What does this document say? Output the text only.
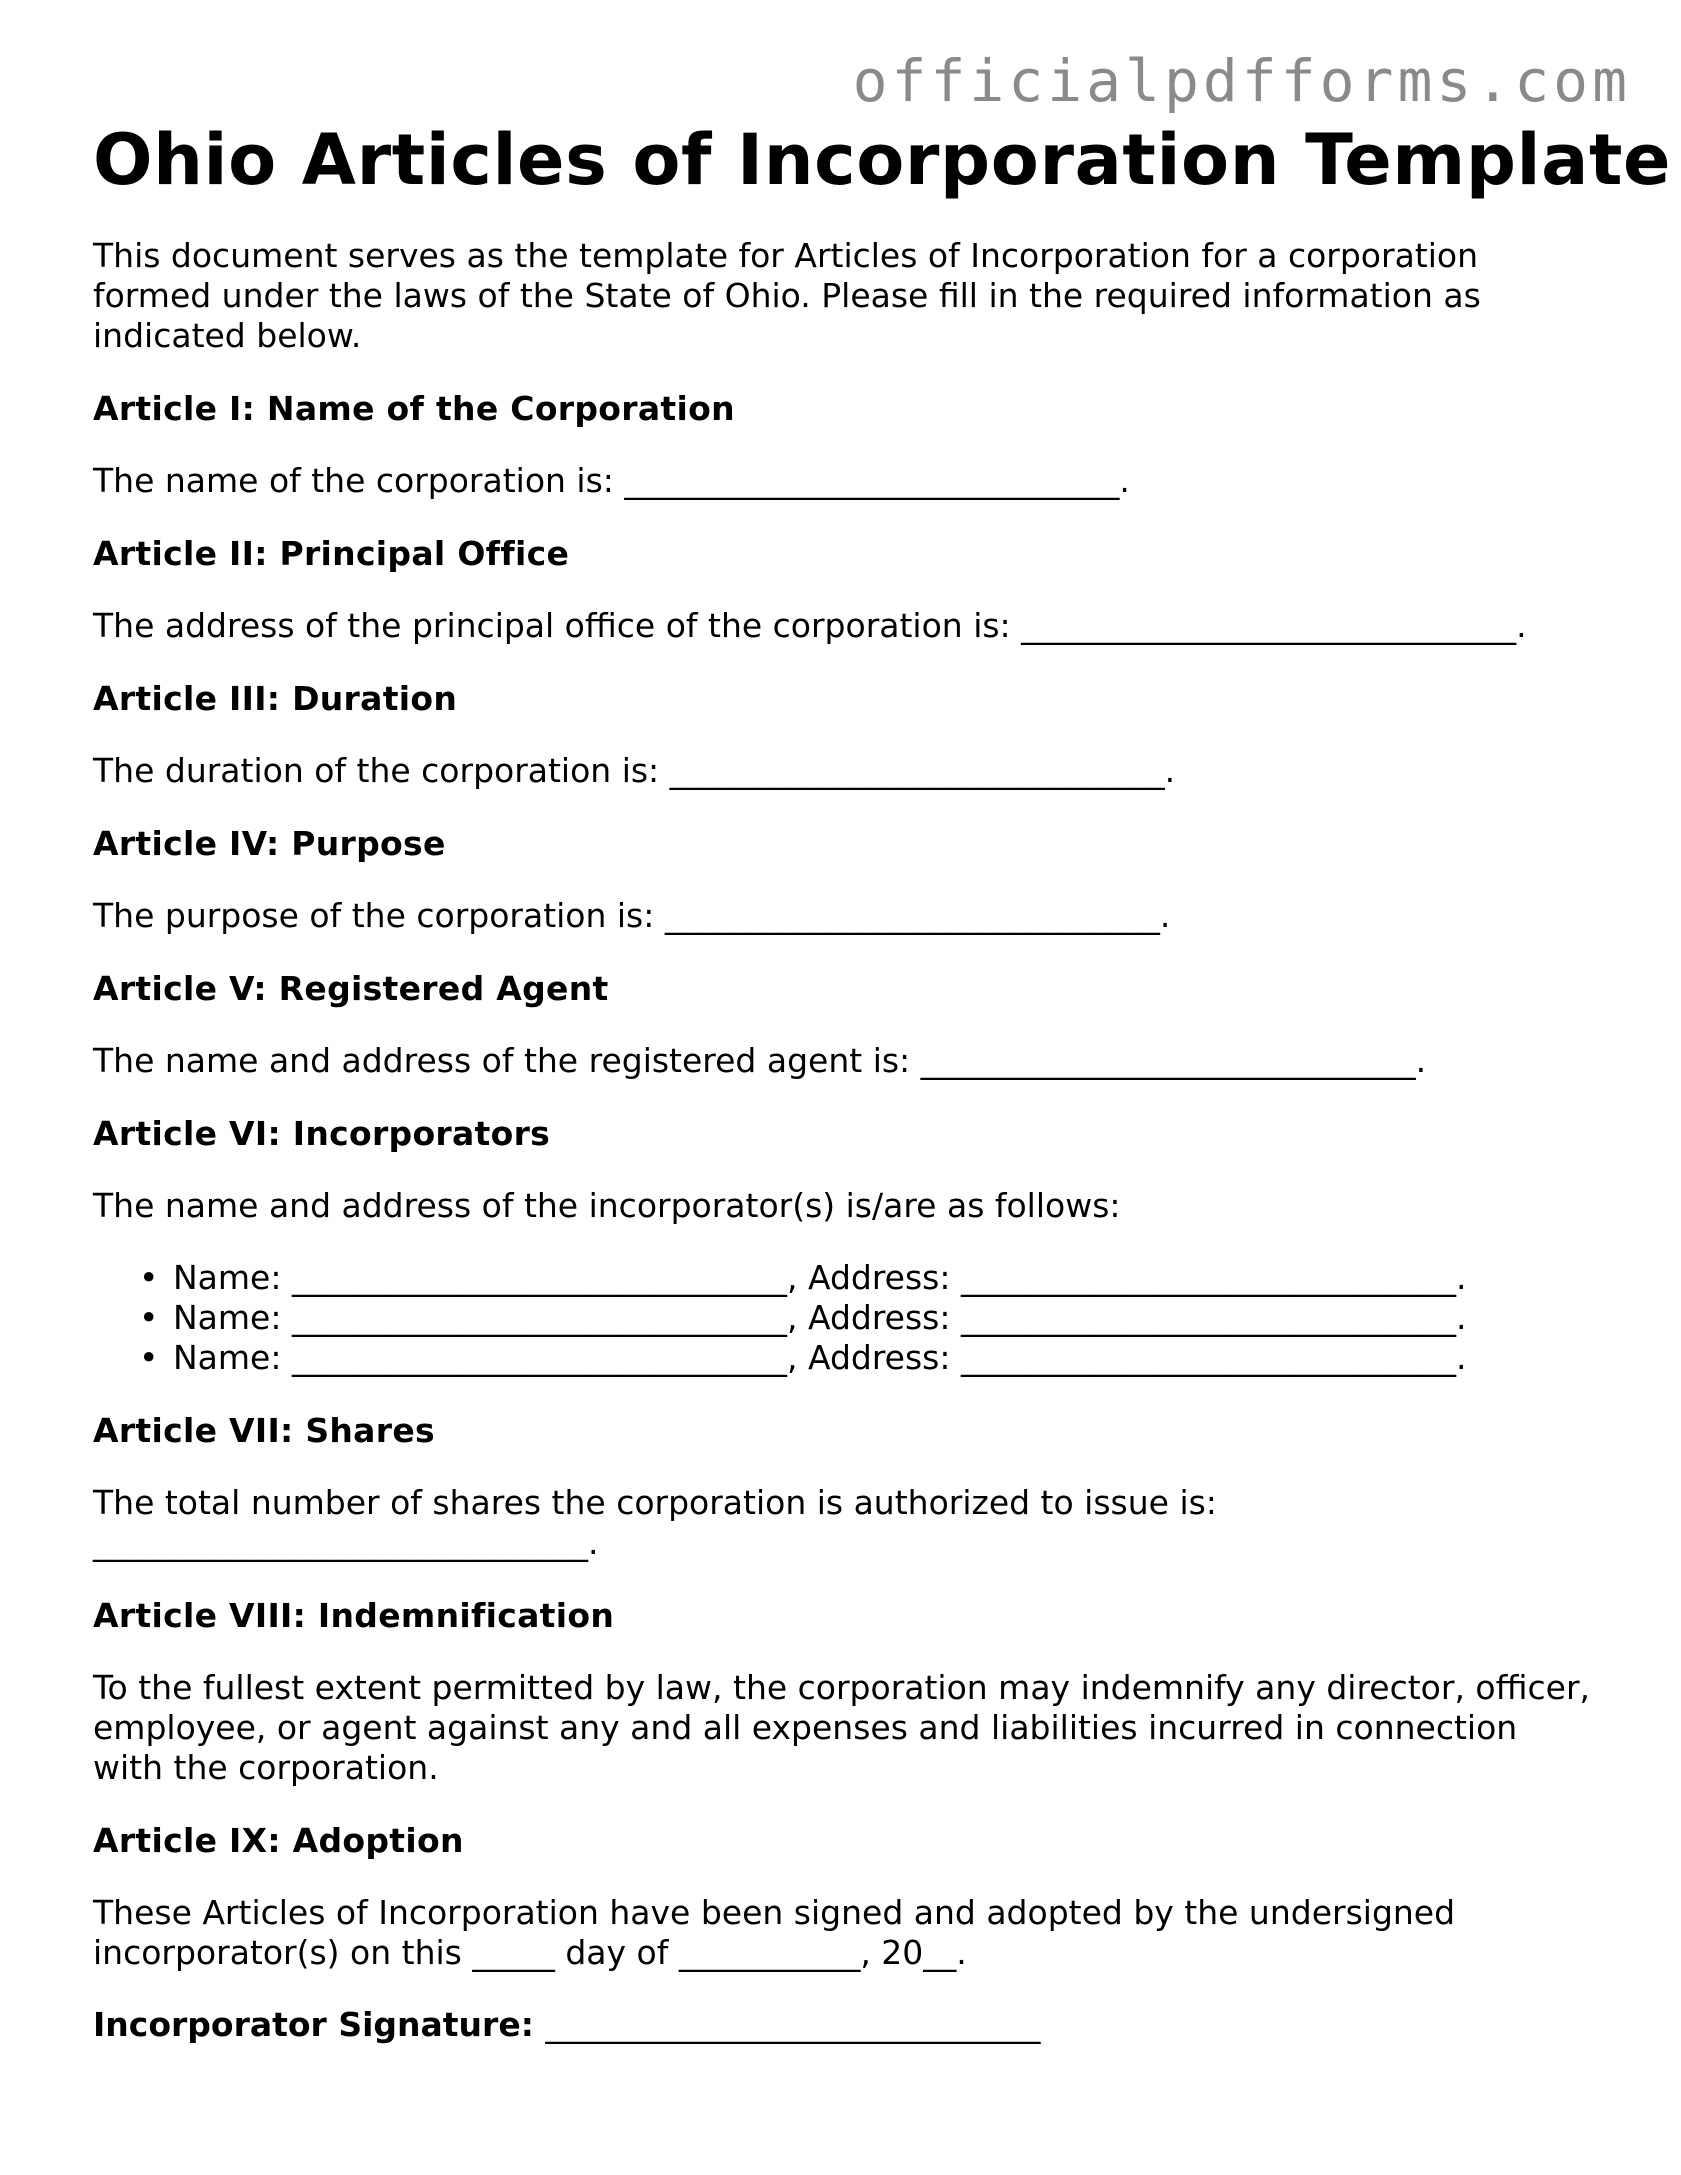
officialpdfforms.com
Ohio Articles of Incorporation Template

This document serves as the template for Articles of Incorporation for a corporation formed under the laws of the State of Ohio. Please fill in the required information as indicated below.

Article I: Name of the Corporation

The name of the corporation is: ______________________________.

Article II: Principal Office

The address of the principal office of the corporation is: ______________________________.

Article III: Duration

The duration of the corporation is: ______________________________.

Article IV: Purpose

The purpose of the corporation is: ______________________________.

Article V: Registered Agent

The name and address of the registered agent is: ______________________________.

Article VI: Incorporators

The name and address of the incorporator(s) is/are as follows:

• Name: ______________________________, Address: ______________________________.
• Name: ______________________________, Address: ______________________________.
• Name: ______________________________, Address: ______________________________.
Article VII: Shares

The total number of shares the corporation is authorized to issue is: ______________________________.

Article VIII: Indemnification

To the fullest extent permitted by law, the corporation may indemnify any director, officer, employee, or agent against any and all expenses and liabilities incurred in connection with the corporation.

Article IX: Adoption

These Articles of Incorporation have been signed and adopted by the undersigned incorporator(s) on this _____ day of ___________, 20__.

Incorporator Signature: ______________________________
